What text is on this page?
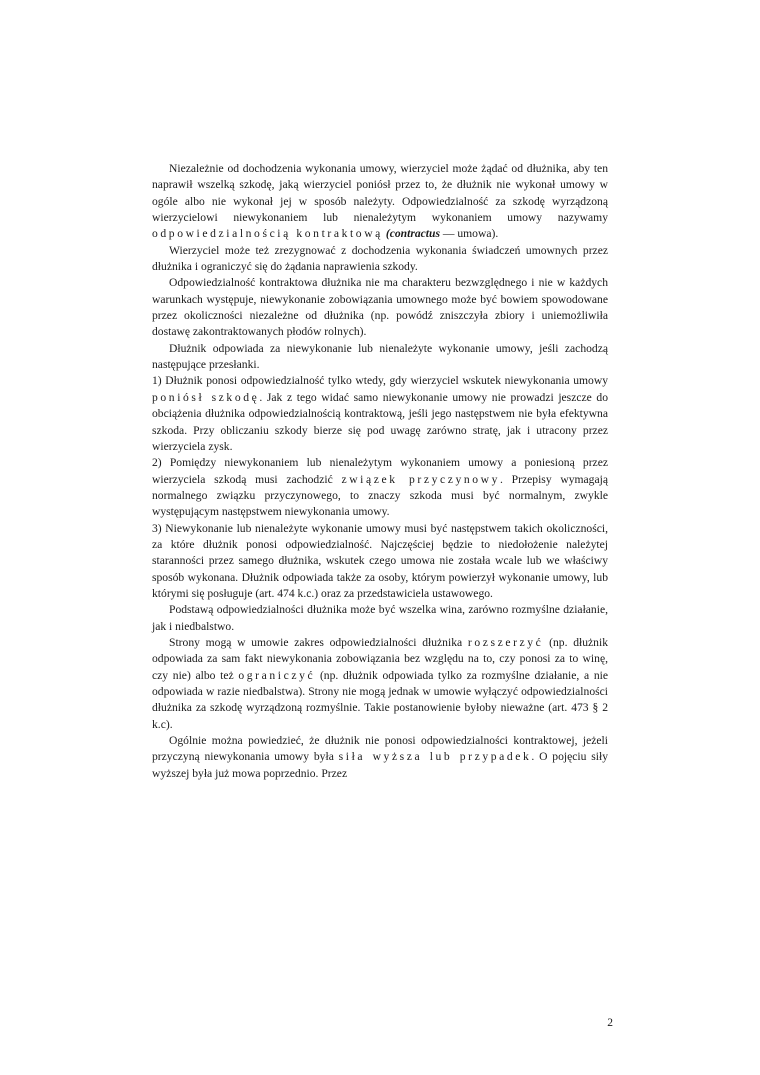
Niezależnie od dochodzenia wykonania umowy, wierzyciel może żądać od dłużnika, aby ten naprawił wszelką szkodę, jaką wierzyciel poniósł przez to, że dłużnik nie wykonał umowy w ogóle albo nie wykonał jej w sposób należyty. Odpowiedzialność za szkodę wyrządzoną wierzycielowi niewykonaniem lub nienależytym wykonaniem umowy nazywamy odpowiedzialnością kontraktową (contractus — umowa).

Wierzyciel może też zrezygnować z dochodzenia wykonania świadczeń umownych przez dłużnika i ograniczyć się do żądania naprawienia szkody.

Odpowiedzialność kontraktowa dłużnika nie ma charakteru bezwzględnego i nie w każdych warunkach występuje, niewykonanie zobowiązania umownego może być bowiem spowodowane przez okoliczności niezależne od dłużnika (np. powódź zniszczyła zbiory i uniemożliwiła dostawę zakontraktowanych płodów rolnych).

Dłużnik odpowiada za niewykonanie lub nienależyte wykonanie umowy, jeśli zachodzą następujące przesłanki.

1) Dłużnik ponosi odpowiedzialność tylko wtedy, gdy wierzyciel wskutek niewykonania umowy poniósł szkodę. Jak z tego widać samo niewykonanie umowy nie prowadzi jeszcze do obciążenia dłużnika odpowiedzialnością kontraktową, jeśli jego następstwem nie była efektywna szkoda. Przy obliczaniu szkody bierze się pod uwagę zarówno stratę, jak i utracony przez wierzyciela zysk.

2) Pomiędzy niewykonaniem lub nienależytym wykonaniem umowy a poniesioną przez wierzyciela szkodą musi zachodzić związek przyczynowy. Przepisy wymagają normalnego związku przyczynowego, to znaczy szkoda musi być normalnym, zwykle występującym następstwem niewykonania umowy.

3) Niewykonanie lub nienależyte wykonanie umowy musi być następstwem takich okoliczności, za które dłużnik ponosi odpowiedzialność. Najczęściej będzie to niedołożenie należytej staranności przez samego dłużnika, wskutek czego umowa nie została wcale lub we właściwy sposób wykonana. Dłużnik odpowiada także za osoby, którym powierzył wykonanie umowy, lub którymi się posługuje (art. 474 k.c.) oraz za przedstawiciela ustawowego.

Podstawą odpowiedzialności dłużnika może być wszelka wina, zarówno rozmyślne działanie, jak i niedbalstwo.

Strony mogą w umowie zakres odpowiedzialności dłużnika rozszerzyć (np. dłużnik odpowiada za sam fakt niewykonania zobowiązania bez względu na to, czy ponosi za to winę, czy nie) albo też ograniczyć (np. dłużnik odpowiada tylko za rozmyślne działanie, a nie odpowiada w razie niedbalstwa). Strony nie mogą jednak w umowie wyłączyć odpowiedzialności dłużnika za szkodę wyrządzoną rozmyślnie. Takie postanowienie byłoby nieważne (art. 473 § 2 k.c).

Ogólnie można powiedzieć, że dłużnik nie ponosi odpowiedzialności kontraktowej, jeżeli przyczyną niewykonania umowy była siła wyższa lub przypadek. O pojęciu siły wyższej była już mowa poprzednio. Przez

2
